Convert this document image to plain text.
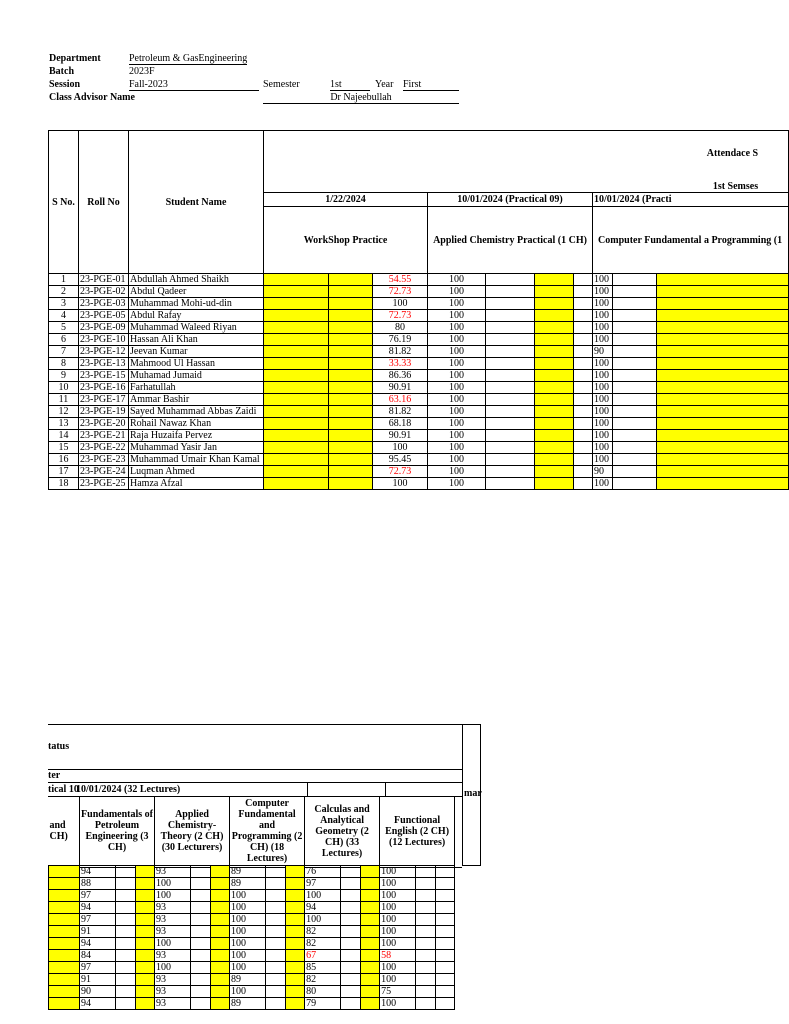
Department	Petroleum & GasEngineering
Batch	2023F
Session	Fall-2023	Semester	1st	Year First
Class Advisor Name	Dr Najeebullah
S No.	Roll No	Student Name	Attendace S									
			1st Semses									
			1/22/2024			10/01/2024 (Practical 09)				10/01/2024 (Practi		
			WorkShop Practice			Applied Chemistry Practical (1 CH)				Computer Fundamental a Programming (1		
1	23-PGE-01	Abdullah Ahmed Shaikh			54.55	100				100		
2	23-PGE-02	Abdul Qadeer			72.73	100				100		
3	23-PGE-03	Muhammad Mohi-ud-din			100	100				100		
4	23-PGE-05	Abdul Rafay			72.73	100				100		
5	23-PGE-09	Muhammad Waleed Riyan			80	100				100		
6	23-PGE-10	Hassan Ali Khan			76.19	100				100		
7	23-PGE-12	Jeevan Kumar			81.82	100				90		
8	23-PGE-13	Mahmood Ul Hassan			33.33	100				100		
9	23-PGE-15	Muhamad Jumaid			86.36	100				100		
10	23-PGE-16	Farhatullah			90.91	100				100		
11	23-PGE-17	Ammar Bashir			63.16	100				100		
12	23-PGE-19	Sayed Muhammad Abbas Zaidi			81.82	100				100		
13	23-PGE-20	Rohail Nawaz Khan			68.18	100				100		
14	23-PGE-21	Raja Huzaifa Pervez			90.91	100				100		
15	23-PGE-22	Muhammad Yasir Jan			100	100				100		
16	23-PGE-23	Muhammad Umair Khan Kamal			95.45	100				100		
17	23-PGE-24	Luqman Ahmed			72.73	100				90		
18	23-PGE-25	Hamza Afzal			100	100				100		
mar
tatus
ter
tical 10
10/01/2024 (32 Lectures)
and CH)	Fundamentals of Petroleum Engineering (3 CH)			Applied Chemistry-Theory (2 CH) (30 Lecturers)			Computer Fundamental and Programming (2 CH) (18 Lectures)			Calculas and Analytical Geometry (2 CH) (33 Lectures)			Functional English (2 CH) (12 Lectures)		
	94			93			89			76			100		
	88			100			89			97			100		
	97			100			100			100			100		
	94			93			100			94			100		
	97			93			100			100			100		
	91			93			100			82			100		
	94			100			100			82			100		
	84			93			100			67			58		
	97			100			100			85			100		
	91			93			89			82			100		
	90			93			100			80			75		
	94			93			89			79			100		
